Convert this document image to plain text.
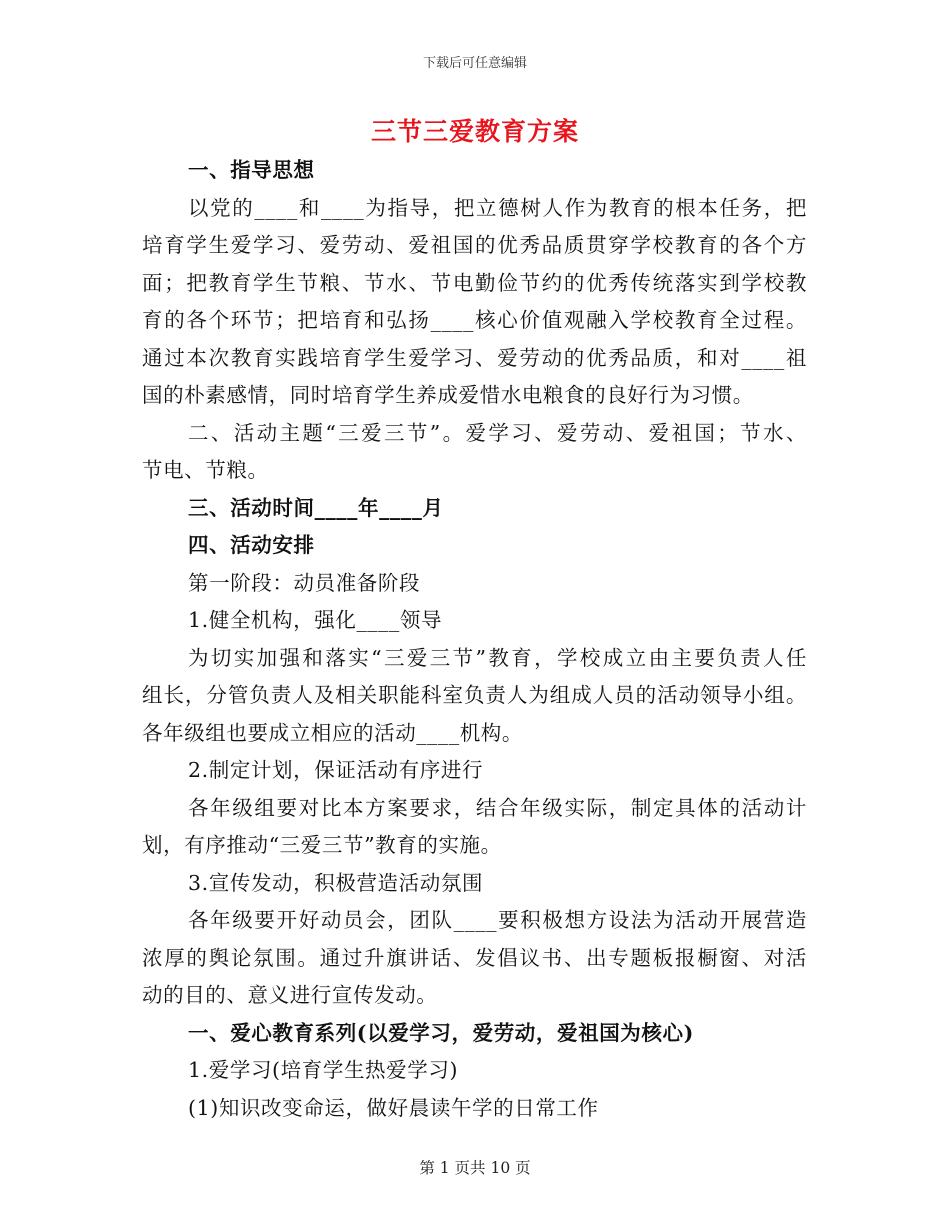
下载后可任意编辑
三节三爱教育方案
一、指导思想
以党的____和____为指导，把立德树人作为教育的根本任务，把
培育学生爱学习、爱劳动、爱祖国的优秀品质贯穿学校教育的各个方
面；把教育学生节粮、节水、节电勤俭节约的优秀传统落实到学校教
育的各个环节；把培育和弘扬____核心价值观融入学校教育全过程。
通过本次教育实践培育学生爱学习、爱劳动的优秀品质，和对____祖
国的朴素感情，同时培育学生养成爱惜水电粮食的良好行为习惯。
二、活动主题“三爱三节”。爱学习、爱劳动、爱祖国；节水、
节电、节粮。
三、活动时间____年____月
四、活动安排
第一阶段：动员准备阶段
1.健全机构，强化____领导
为切实加强和落实“三爱三节”教育，学校成立由主要负责人任
组长，分管负责人及相关职能科室负责人为组成人员的活动领导小组。
各年级组也要成立相应的活动____机构。
2.制定计划，保证活动有序进行
各年级组要对比本方案要求，结合年级实际，制定具体的活动计
划，有序推动“三爱三节”教育的实施。
3.宣传发动，积极营造活动氛围
各年级要开好动员会，团队____要积极想方设法为活动开展营造
浓厚的舆论氛围。通过升旗讲话、发倡议书、出专题板报橱窗、对活
动的目的、意义进行宣传发动。
一、爱心教育系列(以爱学习，爱劳动，爱祖国为核心)
1.爱学习(培育学生热爱学习)
(1)知识改变命运，做好晨读午学的日常工作
第 1 页共 10 页
